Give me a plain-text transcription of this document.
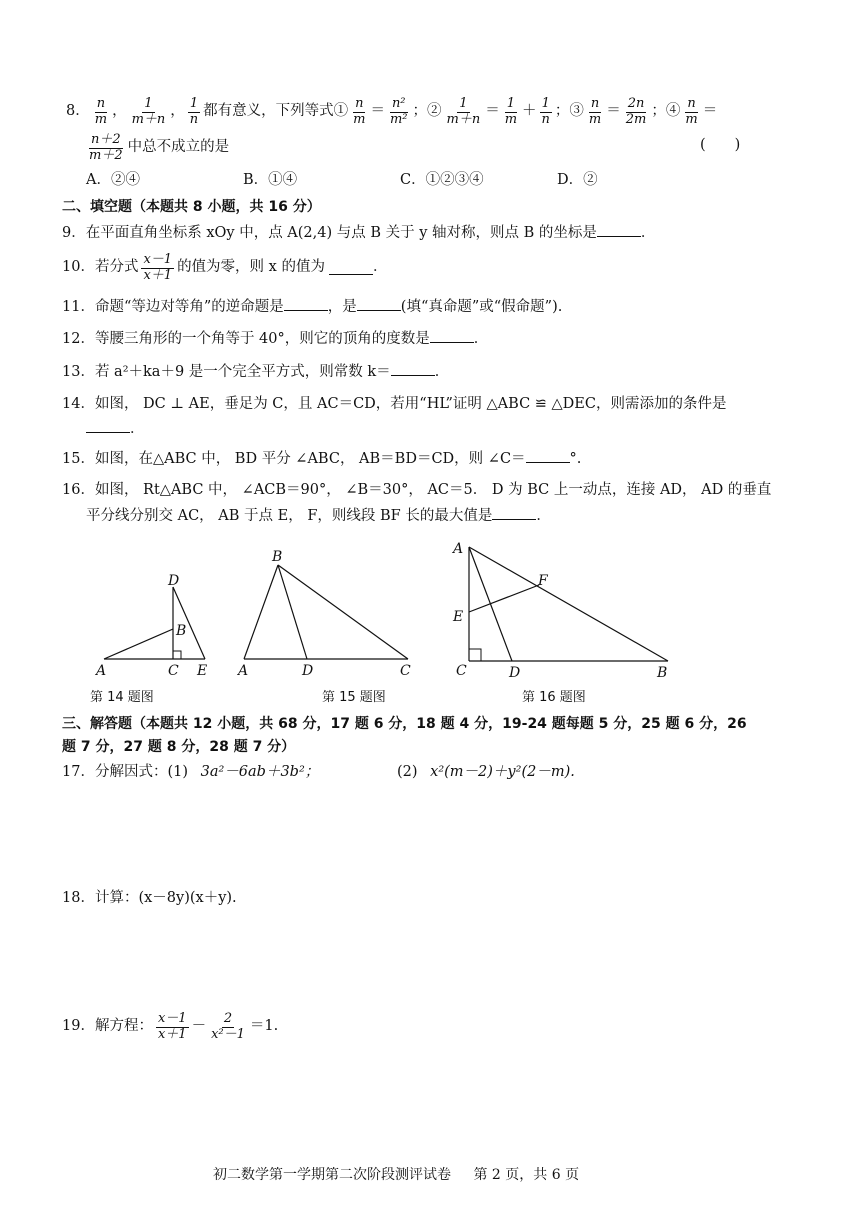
8． $\frac{n}{m}$ ， $\frac{1}{m+n}$ ， $\frac{1}{n}$ 都有意义，下列等式① $\frac{n}{m} = \frac{\text{n²}}{\text{m²}}$ ；② $\frac{1}{m+n} = \frac{1}{m} + \frac{1}{n}$ ；③ $\frac{n}{m} = \frac{2n}{2m}$ ；④ $\frac{n}{m}$ ＝
$\frac{n+2}{m+2}$ 中总不成立的是	(　　)
A．②④	B．①④	C．①②③④	D．②
二、填空题（本题共 8 小题，共 16 分）
9．在平面直角坐标系 xOy 中，点 A(2,4) 与点 B 关于 y 轴对称，则点 B 的坐标是	．
10．若分式 $\frac{x-1}{x+1}$ 的值为零，则 x 的值为	．
11．命题“等边对等角”的逆命题是	，是	(填“真命题”或“假命题”).
12．等腰三角形的一个角等于 40°，则它的顶角的度数是	．
13．若 a²＋ka＋9 是一个完全平方式，则常数 k＝	．
14．如图， DC ⊥ AE，垂足为 C，且 AC＝CD，若用“HL”证明 △ABC ≌ △DEC，则需添加的条件是
．
15．如图，在△ABC 中， BD 平分 ∠ABC， AB＝BD＝CD，则 ∠C＝	°.
16．如图， Rt△ABC 中， ∠ACB＝90°， ∠B＝30°， AC＝5． D 为 BC 上一动点，连接 AD， AD 的垂直
平分线分别交 AC， AB 于点 E， F，则线段 BF 长的最大值是	．
D
B
A	C E
B
A	D	C
A
F
E
C	D	B
第 14 题图	第 15 题图	第 16 题图
三、解答题（本题共 12 小题，共 68 分，17 题 6 分，18 题 4 分，19-24 题每题 5 分，25 题 6 分，26
题 7 分，27 题 8 分，28 题 7 分）
17．分解因式：(1) 3a²－6ab＋3b²；	(2) x²(m－2)＋y²(2－m).
18．计算：(x－8y)(x＋y).
19．解方程： $\frac{x-1}{x+1} - \frac{2}{\text{x²－1}} =1$.
初二数学第一学期第二次阶段测评试卷 第 2 页，共 6 页
